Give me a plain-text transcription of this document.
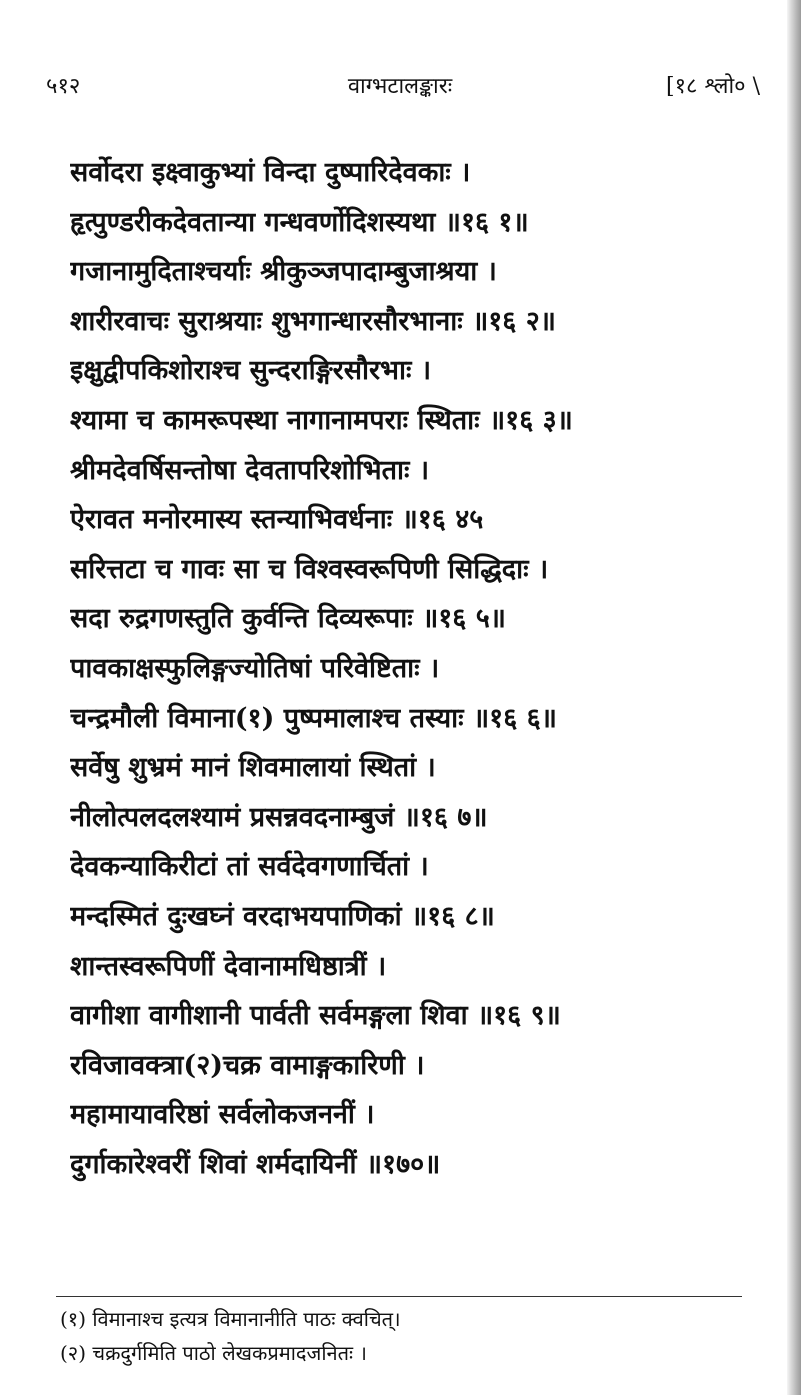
५१२	वाग्भटालङ्कारः	[१८ श्लो० \
सर्वोदरा इक्ष्वाकुभ्यां विन्दा दुष्पारिदेवकाः ।
हृत्पुण्डरीकदेवतान्या गन्धवर्णोदिशस्यथा ॥१६ १॥
गजानामुदिताश्चर्याः श्रीकुञ्जपादाम्बुजाश्रया ।
शारीरवाचः सुराश्रयाः शुभगान्धारसौरभानाः ॥१६ २॥
इक्षुद्वीपकिशोराश्च सुन्दराङ्गिरसौरभाः ।
श्यामा च कामरूपस्था नागानामपराः स्थिताः ॥१६ ३॥
श्रीमदेवर्षिसन्तोषा देवतापरिशोभिताः ।
ऐरावत मनोरमास्य स्तन्याभिवर्धनाः ॥१६ ४५
सरित्तटा च गावः सा च विश्वस्वरूपिणी सिद्धिदाः ।
सदा रुद्रगणस्तुति कुर्वन्ति दिव्यरूपाः ॥१६ ५॥
पावकाक्षस्फुलिङ्गज्योतिषां परिवेष्टिताः ।
चन्द्रमौली विमाना(१) पुष्पमालाश्च तस्याः ॥१६ ६॥
सर्वेषु शुभ्रमं मानं शिवमालायां स्थितां ।
नीलोत्पलदलश्यामं प्रसन्नवदनाम्बुजं ॥१६ ७॥
देवकन्याकिरीटां तां सर्वदेवगणार्चितां ।
मन्दस्मितं दुःखघ्नं वरदाभयपाणिकां ॥१६ ८॥
शान्तस्वरूपिणीं देवानामधिष्ठात्रीं ।
वागीशा वागीशानी पार्वती सर्वमङ्गला शिवा ॥१६ ९॥
रविजावक्त्रा(२)चक्र वामाङ्गकारिणी ।
महामायावरिष्ठां सर्वलोकजननीं ।
दुर्गाकारेश्वरीं शिवां शर्मदायिनीं ॥१७०॥
(१) विमानाश्च इत्यत्र विमानानीति पाठः क्वचित्।
(२) चक्रदुर्गमिति पाठो लेखकप्रमादजनितः ।
